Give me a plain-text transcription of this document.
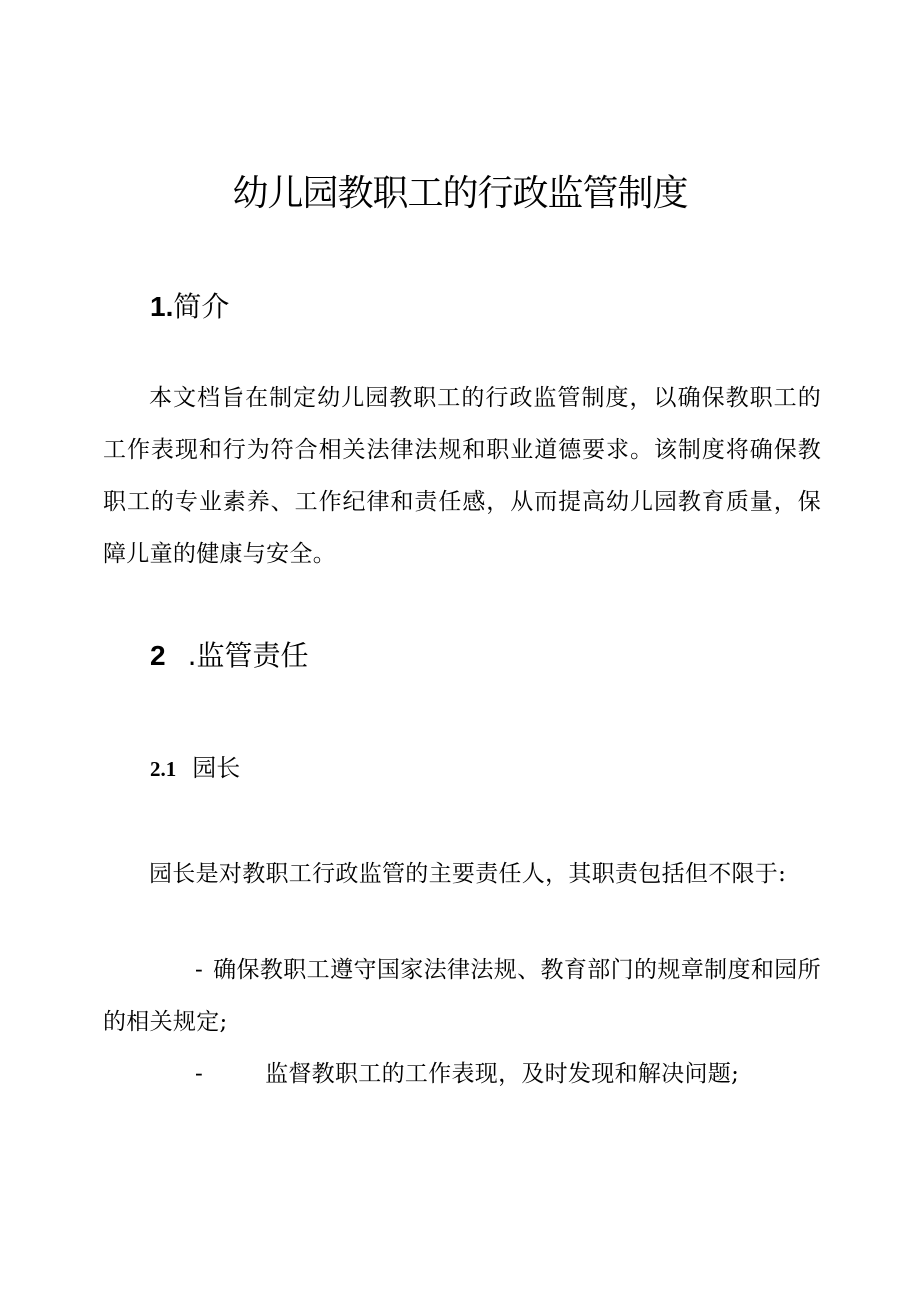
幼儿园教职工的行政监管制度
1.简介

本文档旨在制定幼儿园教职工的行政监管制度，以确保教职工的工作表现和行为符合相关法律法规和职业道德要求。该制度将确保教职工的专业素养、工作纪律和责任感，从而提高幼儿园教育质量，保障儿童的健康与安全。

2 .监管责任
2.1 园长

园长是对教职工行政监管的主要责任人，其职责包括但不限于:

- 确保教职工遵守国家法律法规、教育部门的规章制度和园所的相关规定;

-	监督教职工的工作表现，及时发现和解决问题;
